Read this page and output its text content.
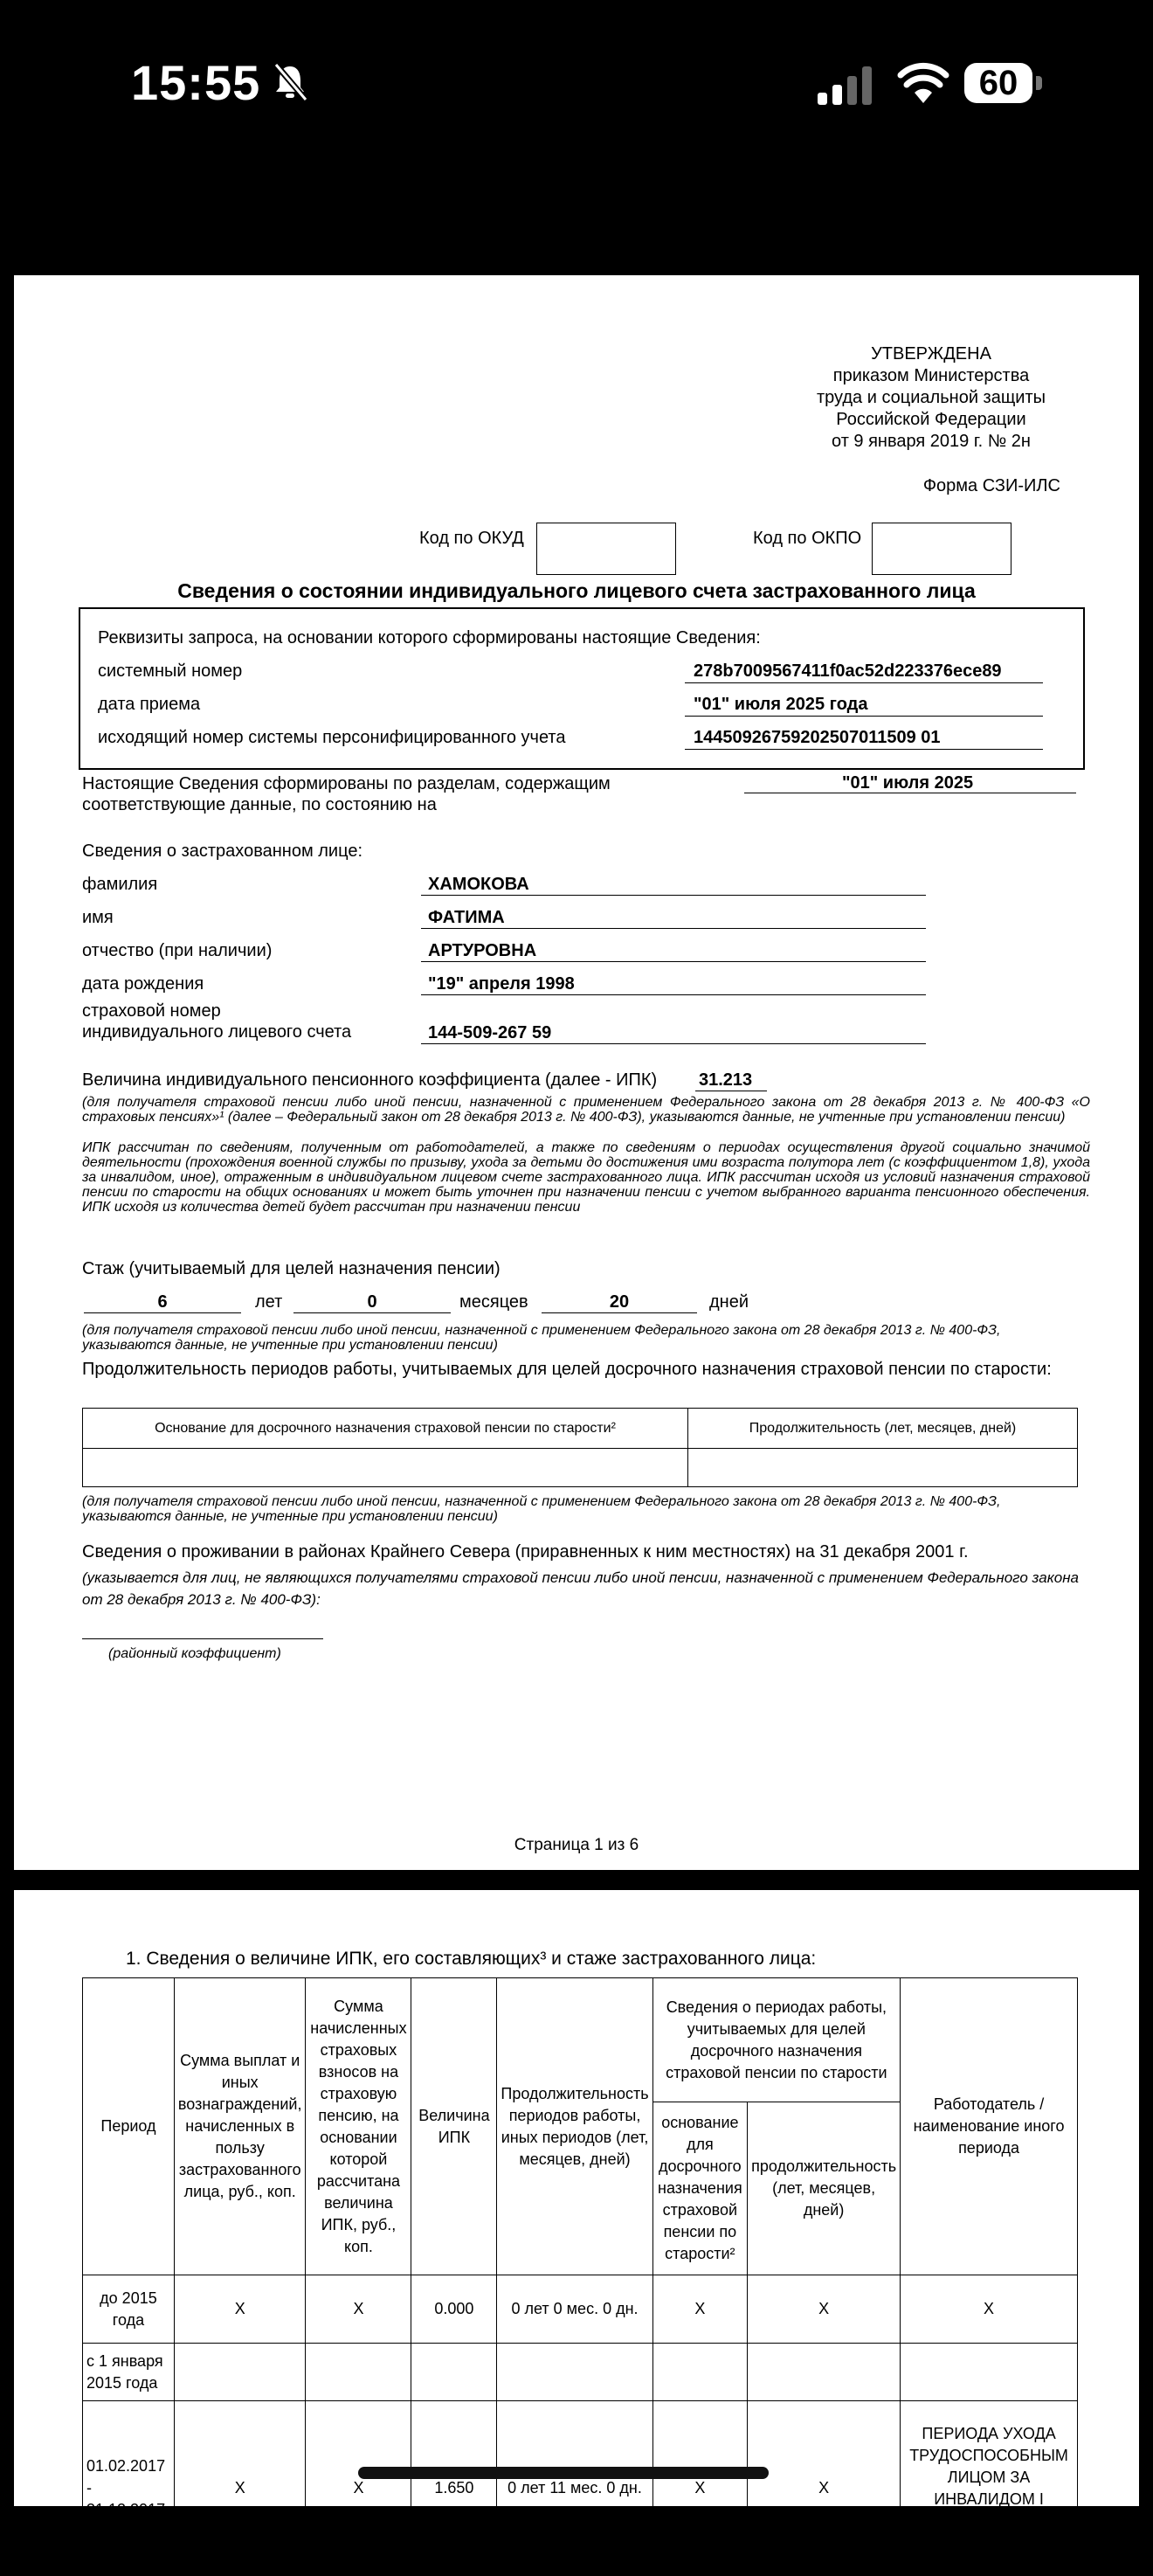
15:55	60
УТВЕРЖДЕНА
приказом Министерства
труда и социальной защиты
Российской Федерации
от 9 января 2019 г. № 2н
Форма СЗИ-ИЛС
Код по ОКУД	Код по ОКПО
Сведения о состоянии индивидуального лицевого счета застрахованного лица
Реквизиты запроса, на основании которого сформированы настоящие Сведения:
системный номер	278b7009567411f0ac52d223376ece89
дата приема	"01" июля 2025 года
исходящий номер системы персонифицированного учета	14450926759202507011509 01
Настоящие Сведения сформированы по разделам, содержащим
соответствующие данные, по состоянию на
"01" июля 2025
Сведения о застрахованном лице:
фамилия	ХАМОКОВА
имя	ФАТИМА
отчество (при наличии)	АРТУРОВНА
дата рождения	"19" апреля 1998
страховой номер
индивидуального лицевого счета	144-509-267 59
Величина индивидуального пенсионного коэффициента (далее - ИПК) 31.213
(для получателя страховой пенсии либо иной пенсии, назначенной с применением Федерального закона от 28 декабря 2013 г. № 400-ФЗ «О страховых пенсиях»¹ (далее – Федеральный закон от 28 декабря 2013 г. № 400-ФЗ), указываются данные, не учтенные при установлении пенсии)
ИПК рассчитан по сведениям, полученным от работодателей, а также по сведениям о периодах осуществления другой социально значимой деятельности (прохождения военной службы по призыву, ухода за детьми до достижения ими возраста полутора лет (с коэффициентом 1,8), ухода за инвалидом, иное), отраженным в индивидуальном лицевом счете застрахованного лица. ИПК рассчитан исходя из условий назначения страховой пенсии по старости на общих основаниях и может быть уточнен при назначении пенсии с учетом выбранного варианта пенсионного обеспечения. ИПК исходя из количества детей будет рассчитан при назначении пенсии
Стаж (учитываемый для целей назначения пенсии)
6	лет	0	месяцев	20	дней
(для получателя страховой пенсии либо иной пенсии, назначенной с применением Федерального закона от 28 декабря 2013 г. № 400-ФЗ, указываются данные, не учтенные при установлении пенсии)
Продолжительность периодов работы, учитываемых для целей досрочного назначения страховой пенсии по старости:
Основание для досрочного назначения страховой пенсии по старости²	Продолжительность (лет, месяцев, дней)

(для получателя страховой пенсии либо иной пенсии, назначенной с применением Федерального закона от 28 декабря 2013 г. № 400-ФЗ, указываются данные, не учтенные при установлении пенсии)
Сведения о проживании в районах Крайнего Севера (приравненных к ним местностях) на 31 декабря 2001 г.
(указывается для лиц, не являющихся получателями страховой пенсии либо иной пенсии, назначенной с применением Федерального закона от 28 декабря 2013 г. № 400-ФЗ):
(районный коэффициент)
Страница 1 из 6
1. Сведения о величине ИПК, его составляющих³ и стаже застрахованного лица:
Период	Сумма выплат и иных вознаграждений, начисленных в пользу застрахованного лица, руб., коп.	Сумма начисленных страховых взносов на страховую пенсию, на основании которой рассчитана величина ИПК, руб., коп.	Величина ИПК	Продолжительность периодов работы, иных периодов (лет, месяцев, дней)	Сведения о периодах работы, учитываемых для целей досрочного назначения страховой пенсии по старости		Работодатель / наименование иного периода
					основание для досрочного назначения страховой пенсии по старости²	продолжительность (лет, месяцев, дней)	
до 2015 года	X	X	0.000	0 лет 0 мес. 0 дн.	X	X	X
с 1 января 2015 года							
01.02.2017 - 31.12.2017	X	X	1.650	0 лет 11 мес. 0 дн.	X	X	ПЕРИОДА УХОДА ТРУДОСПОСОБНЫМ ЛИЦОМ ЗА ИНВАЛИДОМ I ГРУППЫ, РЕБЕНКОМ-ИНВАЛИДОМ ИЛИ ЗА
